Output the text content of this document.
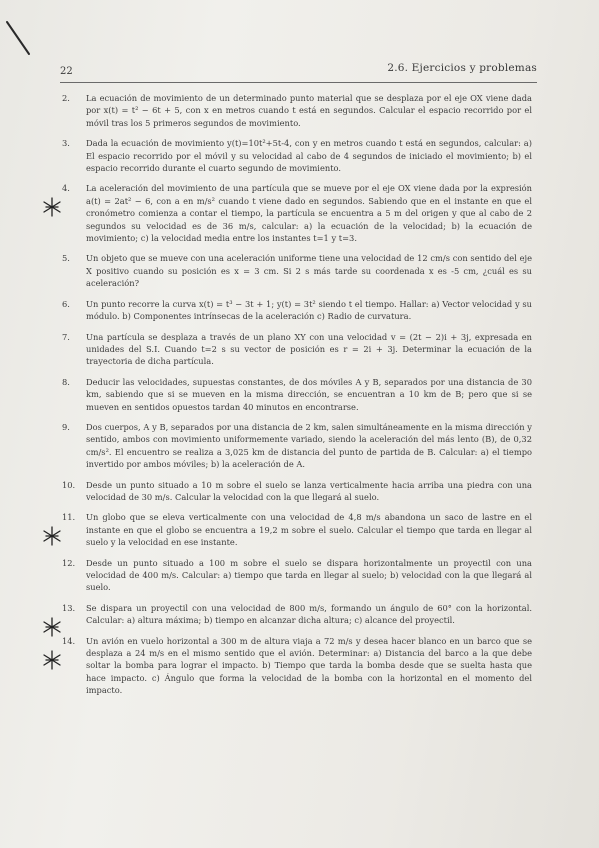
22	2.6. Ejercicios y problemas
2. La ecuación de movimiento de un determinado punto material que se desplaza por el eje OX viene dada por x(t) = t² − 6t + 5, con x en metros cuando t está en segundos. Calcular el espacio recorrido por el móvil tras los 5 primeros segundos de movimiento.
3. Dada la ecuación de movimiento y(t)=10t²+5t-4, con y en metros cuando t está en segundos, calcular: a) El espacio recorrido por el móvil y su velocidad al cabo de 4 segundos de iniciado el movimiento; b) el espacio recorrido durante el cuarto segundo de movimiento.
4. La aceleración del movimiento de una partícula que se mueve por el eje OX viene dada por la expresión a(t) = 2at² − 6, con a en m/s² cuando t viene dado en segundos. Sabiendo que en el instante en que el cronómetro comienza a contar el tiempo, la partícula se encuentra a 5 m del origen y que al cabo de 2 segundos su velocidad es de 36 m/s, calcular: a) la ecuación de la velocidad; b) la ecuación de movimiento; c) la velocidad media entre los instantes t=1 y t=3.
5. Un objeto que se mueve con una aceleración uniforme tiene una velocidad de 12 cm/s con sentido del eje X positivo cuando su posición es x = 3 cm. Si 2 s más tarde su coordenada x es -5 cm, ¿cuál es su aceleración?
6. Un punto recorre la curva x(t) = t³ − 3t + 1; y(t) = 3t² siendo t el tiempo. Hallar: a) Vector velocidad y su módulo. b) Componentes intrínsecas de la aceleración c) Radio de curvatura.
7. Una partícula se desplaza a través de un plano XY con una velocidad v = (2t − 2)i + 3j, expresada en unidades del S.I. Cuando t=2 s su vector de posición es r = 2i + 3j. Determinar la ecuación de la trayectoria de dicha partícula.
8. Deducir las velocidades, supuestas constantes, de dos móviles A y B, separados por una distancia de 30 km, sabiendo que si se mueven en la misma dirección, se encuentran a 10 km de B; pero que si se mueven en sentidos opuestos tardan 40 minutos en encontrarse.
9. Dos cuerpos, A y B, separados por una distancia de 2 km, salen simultáneamente en la misma dirección y sentido, ambos con movimiento uniformemente variado, siendo la aceleración del más lento (B), de 0,32 cm/s². El encuentro se realiza a 3,025 km de distancia del punto de partida de B. Calcular: a) el tiempo invertido por ambos móviles; b) la aceleración de A.
10. Desde un punto situado a 10 m sobre el suelo se lanza verticalmente hacia arriba una piedra con una velocidad de 30 m/s. Calcular la velocidad con la que llegará al suelo.
11. Un globo que se eleva verticalmente con una velocidad de 4,8 m/s abandona un saco de lastre en el instante en que el globo se encuentra a 19,2 m sobre el suelo. Calcular el tiempo que tarda en llegar al suelo y la velocidad en ese instante.
12. Desde un punto situado a 100 m sobre el suelo se dispara horizontalmente un proyectil con una velocidad de 400 m/s. Calcular: a) tiempo que tarda en llegar al suelo; b) velocidad con la que llegará al suelo.
13. Se dispara un proyectil con una velocidad de 800 m/s, formando un ángulo de 60° con la horizontal. Calcular: a) altura máxima; b) tiempo en alcanzar dicha altura; c) alcance del proyectil.
14. Un avión en vuelo horizontal a 300 m de altura viaja a 72 m/s y desea hacer blanco en un barco que se desplaza a 24 m/s en el mismo sentido que el avión. Determinar: a) Distancia del barco a la que debe soltar la bomba para lograr el impacto. b) Tiempo que tarda la bomba desde que se suelta hasta que hace impacto. c) Ángulo que forma la velocidad de la bomba con la horizontal en el momento del impacto.
